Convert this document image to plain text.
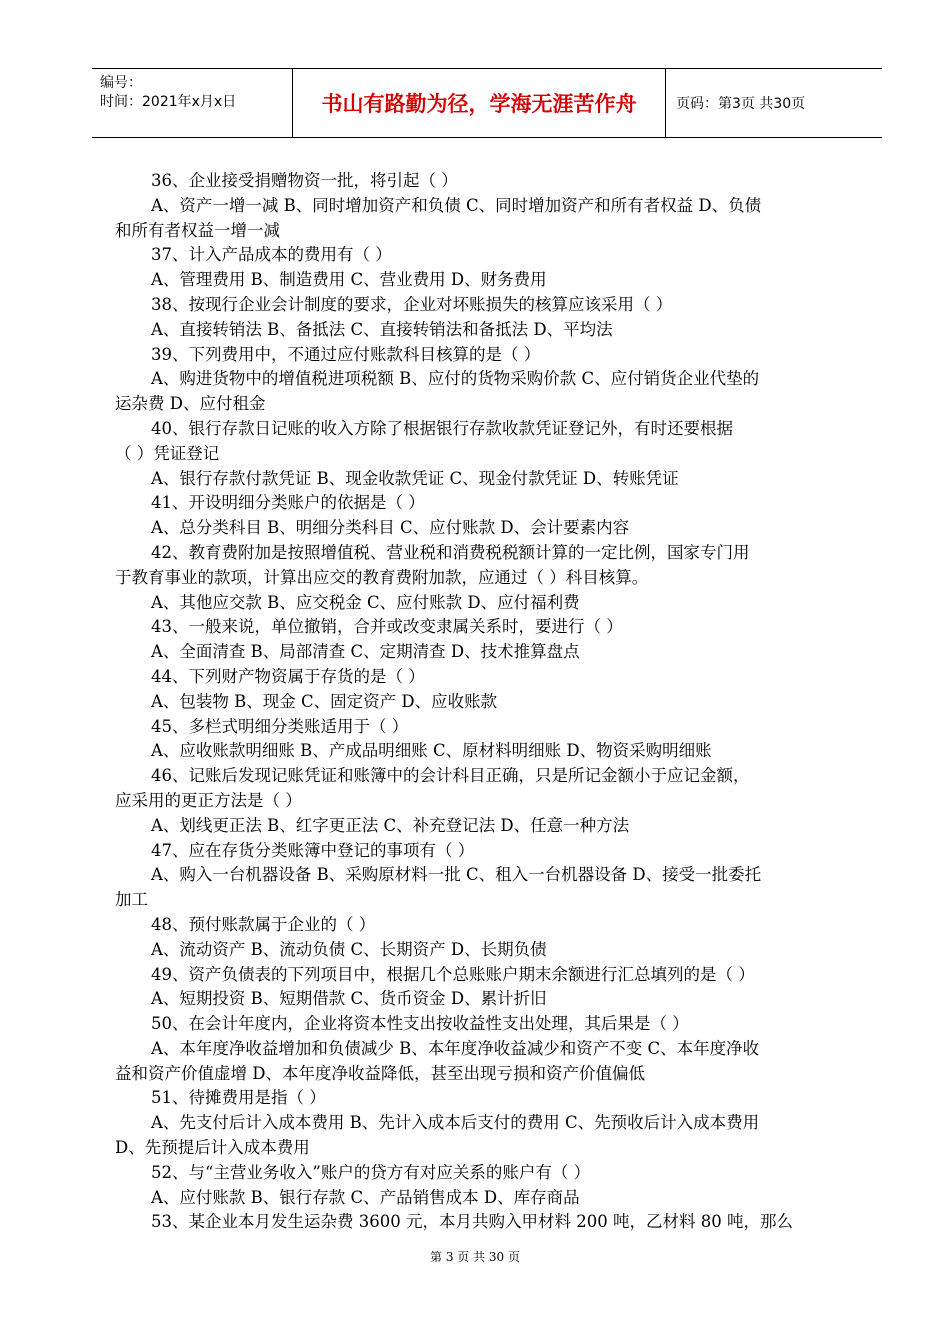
编号：
时间：2021年x月x日	书山有路勤为径，学海无涯苦作舟	页码：第3页 共30页
36、企业接受捐赠物资一批，将引起（ ）
A、资产一增一减 B、同时增加资产和负债 C、同时增加资产和所有者权益 D、负债
和所有者权益一增一减
37、计入产品成本的费用有（ ）
A、管理费用 B、制造费用 C、营业费用 D、财务费用
38、按现行企业会计制度的要求，企业对坏账损失的核算应该采用（ ）
A、直接转销法 B、备抵法 C、直接转销法和备抵法 D、平均法
39、下列费用中，不通过应付账款科目核算的是（ ）
A、购进货物中的增值税进项税额 B、应付的货物采购价款 C、应付销货企业代垫的
运杂费 D、应付租金
40、银行存款日记账的收入方除了根据银行存款收款凭证登记外，有时还要根据
（ ）凭证登记
A、银行存款付款凭证 B、现金收款凭证 C、现金付款凭证 D、转账凭证
41、开设明细分类账户的依据是（ ）
A、总分类科目 B、明细分类科目 C、应付账款 D、会计要素内容
42、教育费附加是按照增值税、营业税和消费税税额计算的一定比例，国家专门用
于教育事业的款项，计算出应交的教育费附加款，应通过（ ）科目核算。
A、其他应交款 B、应交税金 C、应付账款 D、应付福利费
43、一般来说，单位撤销，合并或改变隶属关系时，要进行（ ）
A、全面清查 B、局部清查 C、定期清查 D、技术推算盘点
44、下列财产物资属于存货的是（ ）
A、包装物 B、现金 C、固定资产 D、应收账款
45、多栏式明细分类账适用于（ ）
A、应收账款明细账 B、产成品明细账 C、原材料明细账 D、物资采购明细账
46、记账后发现记账凭证和账簿中的会计科目正确，只是所记金额小于应记金额，
应采用的更正方法是（ ）
A、划线更正法 B、红字更正法 C、补充登记法 D、任意一种方法
47、应在存货分类账簿中登记的事项有（ ）
A、购入一台机器设备 B、采购原材料一批 C、租入一台机器设备 D、接受一批委托
加工
48、预付账款属于企业的（ ）
A、流动资产 B、流动负债 C、长期资产 D、长期负债
49、资产负债表的下列项目中，根据几个总账账户期末余额进行汇总填列的是（ ）
A、短期投资 B、短期借款 C、货币资金 D、累计折旧
50、在会计年度内，企业将资本性支出按收益性支出处理，其后果是（ ）
A、本年度净收益增加和负债减少 B、本年度净收益减少和资产不变 C、本年度净收
益和资产价值虚增 D、本年度净收益降低，甚至出现亏损和资产价值偏低
51、待摊费用是指（ ）
A、先支付后计入成本费用 B、先计入成本后支付的费用 C、先预收后计入成本费用
D、先预提后计入成本费用
52、与“主营业务收入”账户的贷方有对应关系的账户有（ ）
A、应付账款 B、银行存款 C、产品销售成本 D、库存商品
53、某企业本月发生运杂费 3600 元，本月共购入甲材料 200 吨，乙材料 80 吨，那么
第 3 页 共 30 页
